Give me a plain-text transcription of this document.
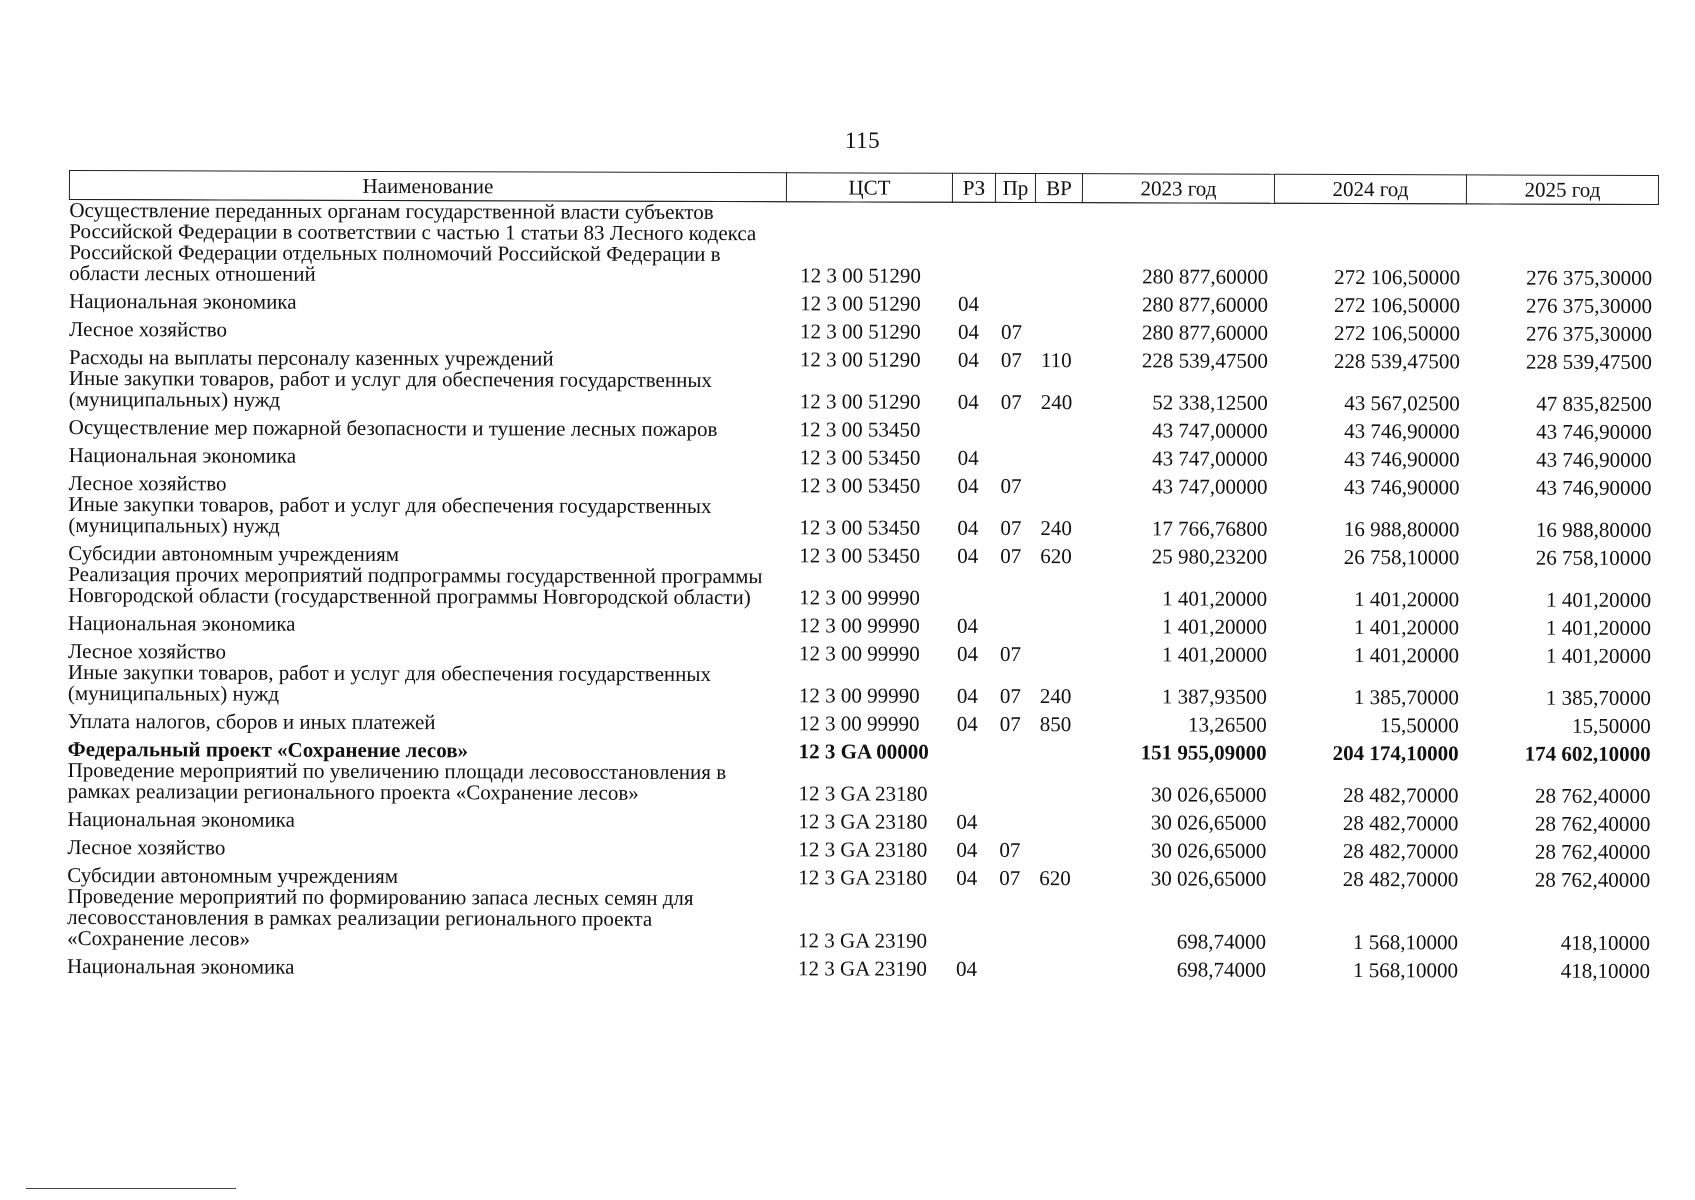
115
Наименование	ЦСТ	РЗ	Пр	ВР	2023 год	2024 год	2025 год
Осуществление переданных органам государственной власти субъектов Российской Федерации в соответствии с частью 1 статьи 83 Лесного кодекса Российской Федерации отдельных полномочий Российской Федерации в области лесных отношений	12 3 00 51290				280 877,60000	272 106,50000	276 375,30000
Национальная экономика	12 3 00 51290	04			280 877,60000	272 106,50000	276 375,30000
Лесное хозяйство	12 3 00 51290	04	07		280 877,60000	272 106,50000	276 375,30000
Расходы на выплаты персоналу казенных учреждений	12 3 00 51290	04	07	110	228 539,47500	228 539,47500	228 539,47500
Иные закупки товаров, работ и услуг для обеспечения государственных (муниципальных) нужд	12 3 00 51290	04	07	240	52 338,12500	43 567,02500	47 835,82500
Осуществление мер пожарной безопасности и тушение лесных пожаров	12 3 00 53450				43 747,00000	43 746,90000	43 746,90000
Национальная экономика	12 3 00 53450	04			43 747,00000	43 746,90000	43 746,90000
Лесное хозяйство	12 3 00 53450	04	07		43 747,00000	43 746,90000	43 746,90000
Иные закупки товаров, работ и услуг для обеспечения государственных (муниципальных) нужд	12 3 00 53450	04	07	240	17 766,76800	16 988,80000	16 988,80000
Субсидии автономным учреждениям	12 3 00 53450	04	07	620	25 980,23200	26 758,10000	26 758,10000
Реализация прочих мероприятий подпрограммы государственной программы Новгородской области (государственной программы Новгородской области)	12 3 00 99990				1 401,20000	1 401,20000	1 401,20000
Национальная экономика	12 3 00 99990	04			1 401,20000	1 401,20000	1 401,20000
Лесное хозяйство	12 3 00 99990	04	07		1 401,20000	1 401,20000	1 401,20000
Иные закупки товаров, работ и услуг для обеспечения государственных (муниципальных) нужд	12 3 00 99990	04	07	240	1 387,93500	1 385,70000	1 385,70000
Уплата налогов, сборов и иных платежей	12 3 00 99990	04	07	850	13,26500	15,50000	15,50000
Федеральный проект «Сохранение лесов»	12 3 GA 00000				151 955,09000	204 174,10000	174 602,10000
Проведение мероприятий по увеличению площади лесовосстановления в рамках реализации регионального проекта «Сохранение лесов»	12 3 GA 23180				30 026,65000	28 482,70000	28 762,40000
Национальная экономика	12 3 GA 23180	04			30 026,65000	28 482,70000	28 762,40000
Лесное хозяйство	12 3 GA 23180	04	07		30 026,65000	28 482,70000	28 762,40000
Субсидии автономным учреждениям	12 3 GA 23180	04	07	620	30 026,65000	28 482,70000	28 762,40000
Проведение мероприятий по формированию запаса лесных семян для лесовосстановления в рамках реализации регионального проекта «Сохранение лесов»	12 3 GA 23190				698,74000	1 568,10000	418,10000
Национальная экономика	12 3 GA 23190	04			698,74000	1 568,10000	418,10000
